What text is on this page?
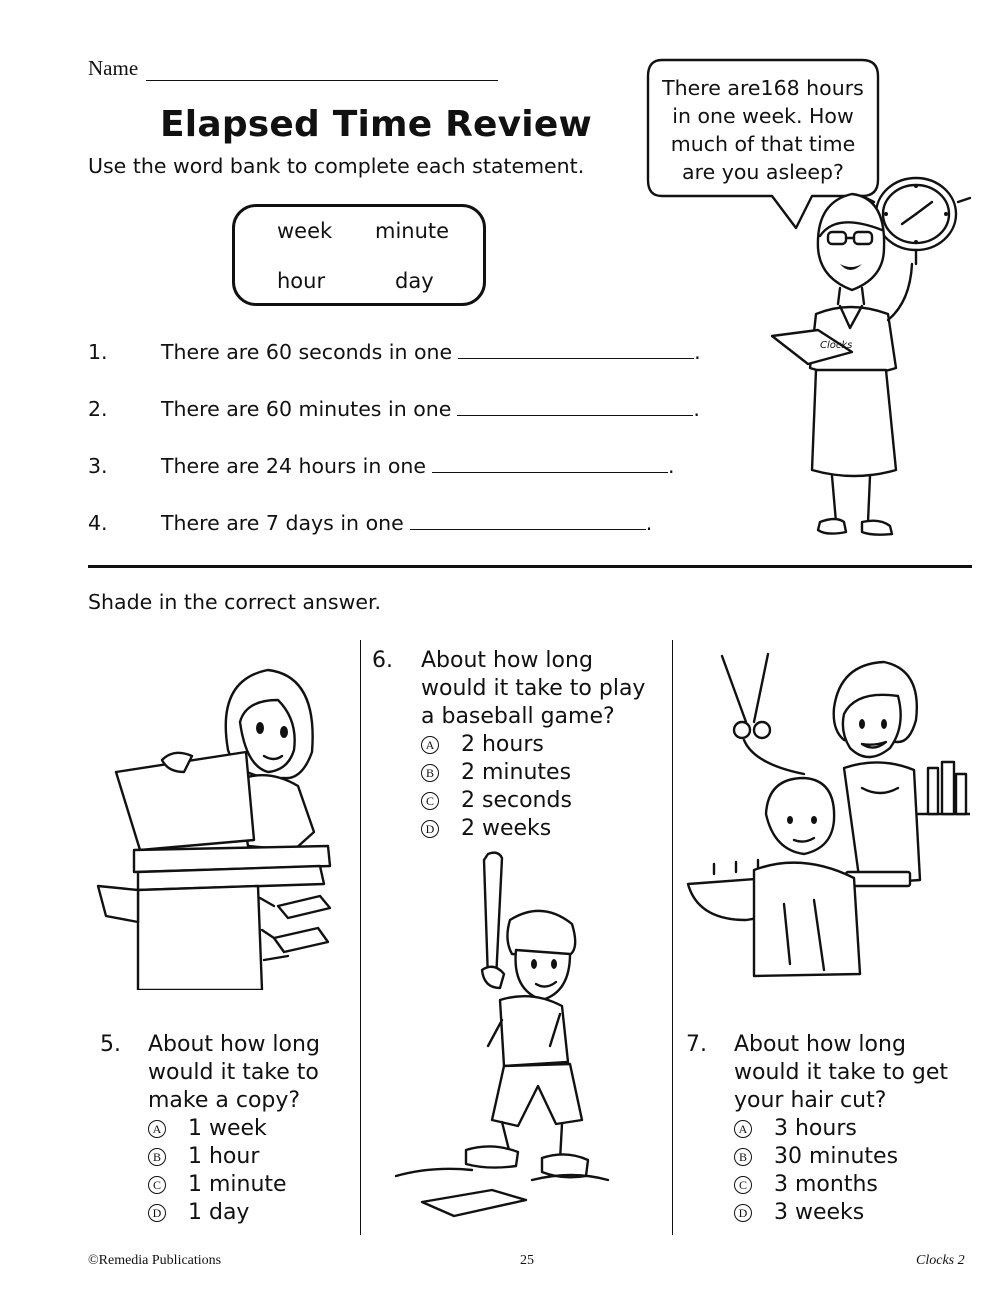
Name
Elapsed Time Review
Use the word bank to complete each statement.
week minute
hour	day
1.	There are 60 seconds in one	.
2.	There are 60 minutes in one	.
3.	There are 24 hours in one	.
4.	There are 7 days in one	.
Clocks
There are168 hours
in one week. How
much of that time
are you asleep?
Shade in the correct answer.
5. About how long
would it take to
make a copy?
A 1 week
B 1 hour
C 1 minute
D 1 day
6. About how long
would it take to play
a baseball game?
A 2 hours
B 2 minutes
C 2 seconds
D 2 weeks
7. About how long
would it take to get
your hair cut?
A 3 hours
B 30 minutes
C 3 months
D 3 weeks
©Remedia Publications	25	Clocks 2
